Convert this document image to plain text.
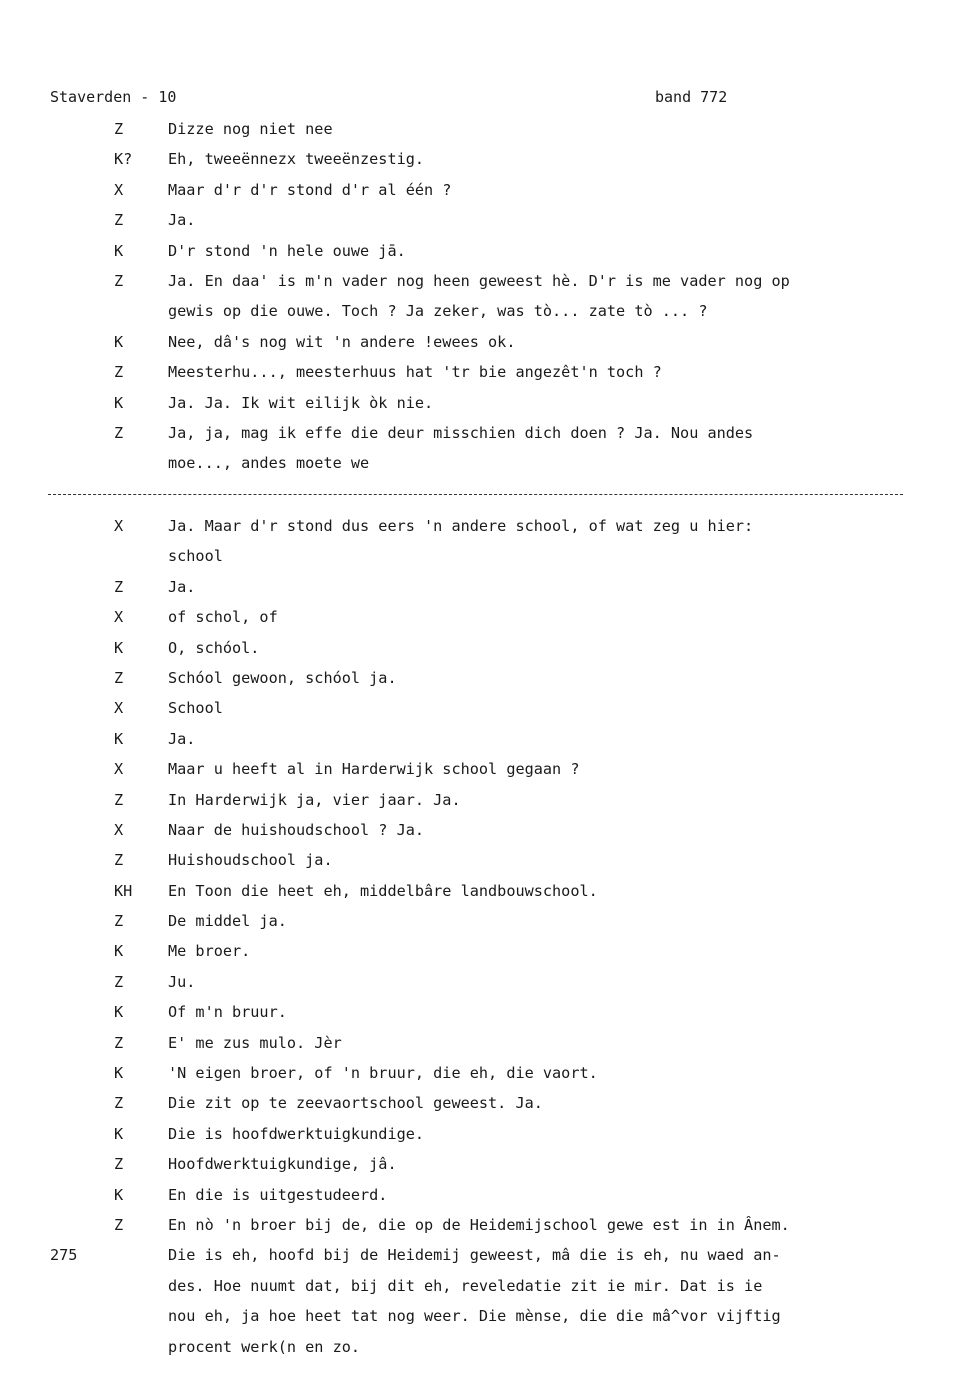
Staverden - 10	band 772
Z	Dizze nog niet nee
K? Eh, tweeënnezx tweeënzestig.
X	Maar d'r d'r stond d'r al één ?
Z	Ja.
K	D'r stond 'n hele ouwe jā.
Z	Ja. En daa' is m'n vader nog heen geweest hè. D'r is me vader nog op
gewis op die ouwe. Toch ? Ja zeker, was tò... zate tò ... ?
K	Nee, dâ's nog wit 'n andere !ewees ok.
Z	Meesterhu..., meesterhuus hat 'tr bie angezêt'n toch ?
K	Ja. Ja. Ik wit eilijk òk nie.
Z	Ja, ja, mag ik effe die deur misschien dich doen ? Ja. Nou andes
moe..., andes moete we
X	Ja. Maar d'r stond dus eers 'n andere school, of wat zeg u hier:
school
Z	Ja.
X	of schol, of
K	O, schóol.
Z	Schóol gewoon, schóol ja.
X	School
K	Ja.
X	Maar u heeft al in Harderwijk school gegaan ?
Z	In Harderwijk ja, vier jaar. Ja.
X	Naar de huishoudschool ? Ja.
Z	Huishoudschool ja.
KH En Toon die heet eh, middelbâre landbouwschool.
Z	De middel ja.
K	Me broer.
Z	Ju.
K	Of m'n bruur.
Z	E' me zus mulo. Jèr
K	'N eigen broer, of 'n bruur, die eh, die vaort.
Z	Die zit op te zeevaortschool geweest. Ja.
K	Die is hoofdwerktuigkundige.
Z	Hoofdwerktuigkundige, jâ.
K	En die is uitgestudeerd.
Z	En nò 'n broer bij de, die op de Heidemijschool gewe est in in Ânem.
275	Die is eh, hoofd bij de Heidemij geweest, mâ die is eh, nu waed an-
des. Hoe nuumt dat, bij dit eh, reveledatie zit ie mir. Dat is ie
nou eh, ja hoe heet tat nog weer. Die mènse, die die mâ^vor vijftig
procent werk(n en zo.
